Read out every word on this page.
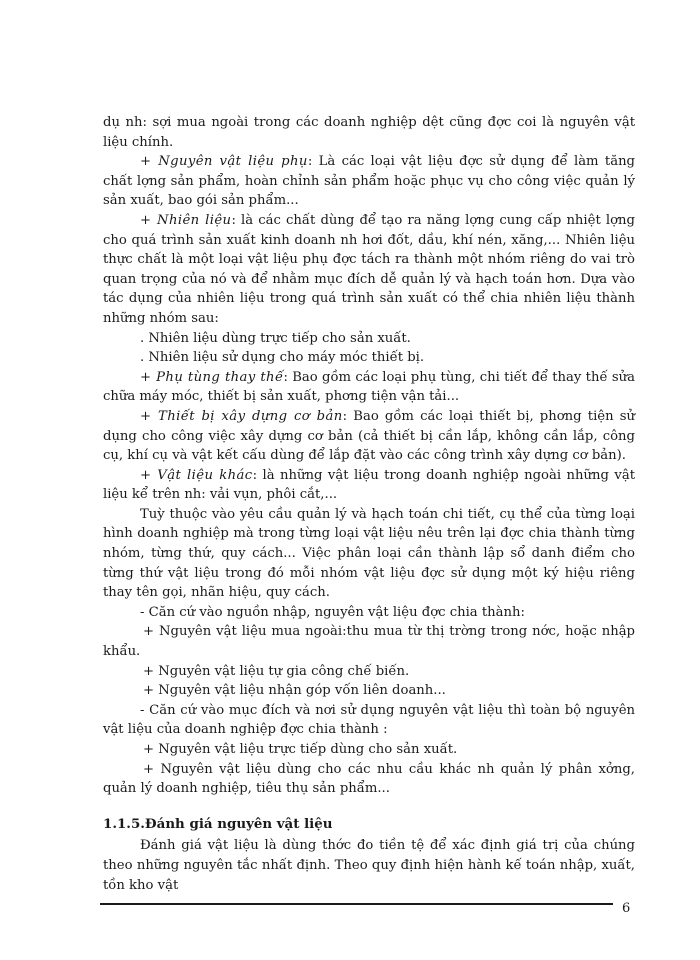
dụ nh: sợi mua ngoài trong các doanh nghiệp dệt cũng đợc coi là nguyên vật liệu chính.

+ Nguyên vật liệu phụ: Là các loại vật liệu đợc sử dụng để làm tăng chất lợng sản phẩm, hoàn chỉnh sản phẩm hoặc phục vụ cho công việc quản lý sản xuất, bao gói sản phẩm...

+ Nhiên liệu: là các chất dùng để tạo ra năng lợng cung cấp nhiệt lợng cho quá trình sản xuất kinh doanh nh hơi đốt, dầu, khí nén, xăng,... Nhiên liệu thực chất là một loại vật liệu phụ đợc tách ra thành một nhóm riêng do vai trò quan trọng của nó và để nhằm mục đích dễ quản lý và hạch toán hơn. Dựa vào tác dụng của nhiên liệu trong quá trình sản xuất có thể chia nhiên liệu thành những nhóm sau:

. Nhiên liệu dùng trực tiếp cho sản xuất.

. Nhiên liệu sử dụng cho máy móc thiết bị.

+ Phụ tùng thay thế: Bao gồm các loại phụ tùng, chi tiết để thay thế sửa chữa máy móc, thiết bị sản xuất, phơng tiện vận tải...

+ Thiết bị xây dựng cơ bản: Bao gồm các loại thiết bị, phơng tiện sử dụng cho công việc xây dựng cơ bản (cả thiết bị cần lắp, không cần lắp, công cụ, khí cụ và vật kết cấu dùng để lắp đặt vào các công trình xây dựng cơ bản).

+ Vật liệu khác: là những vật liệu trong doanh nghiệp ngoài những vật liệu kể trên nh: vải vụn, phôi cắt,...

Tuỳ thuộc vào yêu cầu quản lý và hạch toán chi tiết, cụ thể của từng loại hình doanh nghiệp mà trong từng loại vật liệu nêu trên lại đợc chia thành từng nhóm, từng thứ, quy cách... Việc phân loại cần thành lập sổ danh điểm cho từng thứ vật liệu trong đó mỗi nhóm vật liệu đợc sử dụng một ký hiệu riêng thay tên gọi, nhãn hiệu, quy cách.

- Căn cứ vào nguồn nhập, nguyên vật liệu đợc chia thành:

+ Nguyên vật liệu mua ngoài:thu mua từ thị trờng trong nớc, hoặc nhập khẩu.

+ Nguyên vật liệu tự gia công chế biến.

+ Nguyên vật liệu nhận góp vốn liên doanh...

- Căn cứ vào mục đích và nơi sử dụng nguyên vật liệu thì toàn bộ nguyên vật liệu của doanh nghiệp đợc chia thành :

+ Nguyên vật liệu trực tiếp dùng cho sản xuất.

+ Nguyên vật liệu dùng cho các nhu cầu khác nh quản lý phân xởng, quản lý doanh nghiệp, tiêu thụ sản phẩm...

1.1.5.Đánh giá nguyên vật liệu

Đánh giá vật liệu là dùng thớc đo tiền tệ để xác định giá trị của chúng theo những nguyên tắc nhất định. Theo quy định hiện hành kế toán nhập, xuất, tồn kho vật

6
